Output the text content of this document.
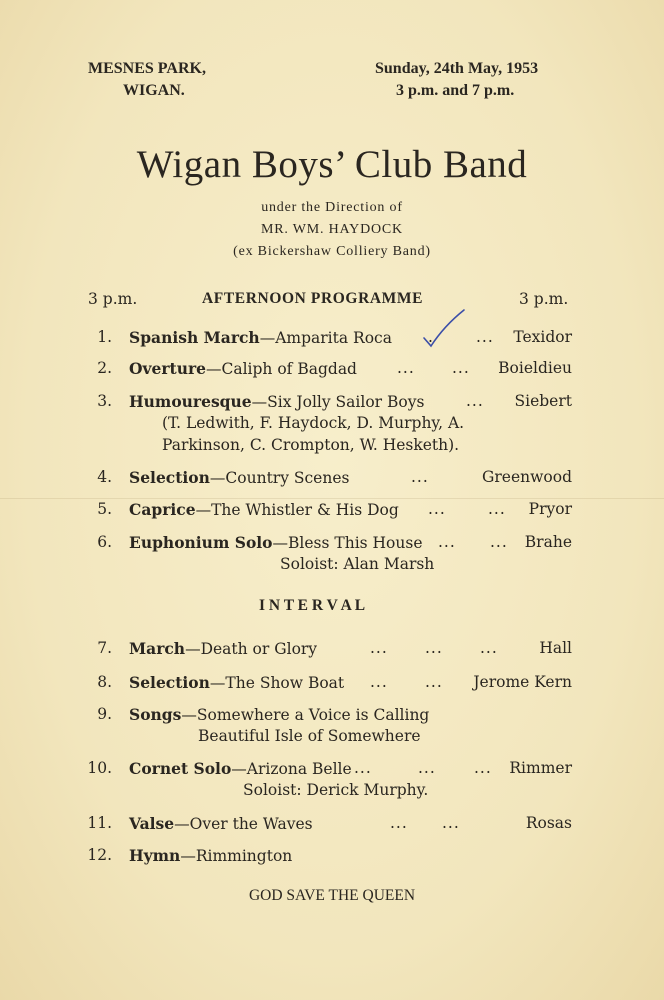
MESNES PARK,
WIGAN.
Sunday, 24th May, 1953
3 p.m. and 7 p.m.
Wigan Boys’ Club Band
under the Direction of
MR. WM. HAYDOCK
(ex Bickershaw Colliery Band)
3 p.m.	AFTERNOON PROGRAMME	3 p.m.
1. Spanish March—Amparita Roca .	...	Texidor
2. Overture—Caliph of Bagdad	... ...	Boieldieu
3. Humouresque—Six Jolly Sailor Boys	...	Siebert
(T. Ledwith, F. Haydock, D. Murphy, A.
Parkinson, C. Crompton, W. Hesketh).
4. Selection—Country Scenes	...	Greenwood
5. Caprice—The Whistler & His Dog ...	...	Pryor
6. Euphonium Solo—Bless This House ... ...	Brahe
Soloist: Alan Marsh
I N T E R V A L
7. March—Death or Glory	... ... ...	Hall
8. Selection—The Show Boat ... ...	Jerome Kern
9. Songs—Somewhere a Voice is Calling
Beautiful Isle of Somewhere
10. Cornet Solo—Arizona Belle ...	... ...	Rimmer
Soloist: Derick Murphy.
11. Valse—Over the Waves	... ...	Rosas
12. Hymn—Rimmington
GOD SAVE THE QUEEN
